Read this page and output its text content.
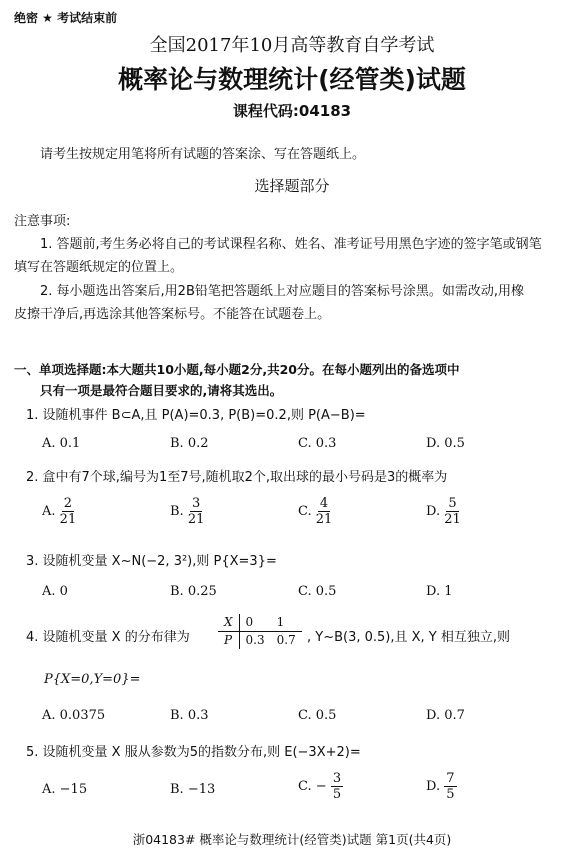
绝密 ★ 考试结束前
全国2017年10月高等教育自学考试
概率论与数理统计(经管类)试题
课程代码:04183
请考生按规定用笔将所有试题的答案涂、写在答题纸上。
选择题部分
注意事项:
1. 答题前,考生务必将自己的考试课程名称、姓名、准考证号用黑色字迹的签字笔或钢笔
填写在答题纸规定的位置上。
2. 每小题选出答案后,用2B铅笔把答题纸上对应题目的答案标号涂黑。如需改动,用橡
皮擦干净后,再选涂其他答案标号。不能答在试题卷上。
一、单项选择题:本大题共10小题,每小题2分,共20分。在每小题列出的备选项中
只有一项是最符合题目要求的,请将其选出。
1. 设随机事件 B⊂A,且 P(A)=0.3, P(B)=0.2,则 P(A−B)=
A. 0.1	B. 0.2	C. 0.3	D. 0.5
2. 盒中有7个球,编号为1至7号,随机取2个,取出球的最小号码是3的概率为
A. $\frac{2}{21}$	B. $\frac{3}{21}$	C. $\frac{4}{21}$	D. $\frac{5}{21}$
3. 设随机变量 X~N(−2, 3²),则 P{X=3}=
A. 0	B. 0.25	C. 0.5	D. 1
4. 设随机变量 X 的分布律为
X	0	1
P	0.3	0.7 , Y~B(3, 0.5),且 X, Y 相互独立,则
P{X=0,Y=0}=
A. 0.0375	B. 0.3	C. 0.5	D. 0.7
5. 设随机变量 X 服从参数为5的指数分布,则 E(−3X+2)=
A. −15	B. −13	C. − $\frac{3}{5}$	D. $\frac{7}{5}$
浙04183# 概率论与数理统计(经管类)试题 第1页(共4页)
